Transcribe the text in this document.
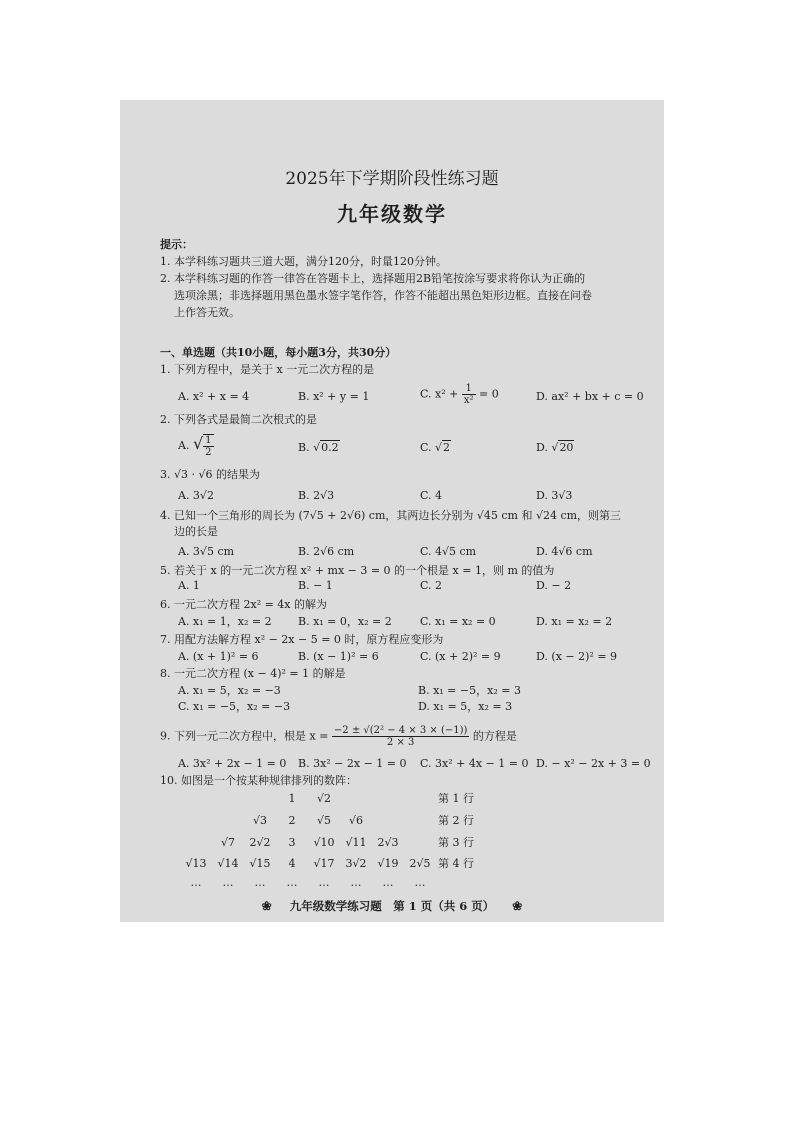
2025年下学期阶段性练习题
九年级数学
提示：
1. 本学科练习题共三道大题，满分120分，时量120分钟。
2. 本学科练习题的作答一律答在答题卡上，选择题用2B铅笔按涂写要求将你认为正确的
选项涂黑；非选择题用黑色墨水签字笔作答，作答不能超出黑色矩形边框。直接在问卷
上作答无效。
一、单选题（共10小题，每小题3分，共30分）
1. 下列方程中，是关于 x 一元二次方程的是
A. x² + x = 4	B. x² + y = 1	C. $x^2 + \frac{1}{\text{x²}} = 0$	D. ax² + bx + c = 0
2. 下列各式是最简二次根式的是
A. √ $\frac{1}{2}$	B. √0.2	C. √2	D. √20
3. √3 · √6 的结果为
A. 3√2	B. 2√3	C. 4	D. 3√3
4. 已知一个三角形的周长为 (7√5 + 2√6) cm，其两边长分别为 √45 cm 和 √24 cm，则第三
边的长是
A. 3√5 cm	B. 2√6 cm	C. 4√5 cm	D. 4√6 cm
5. 若关于 x 的一元二次方程 x² + mx − 3 = 0 的一个根是 x = 1，则 m 的值为
A. 1	B. − 1	C. 2	D. − 2
6. 一元二次方程 2x² = 4x 的解为
A. x₁ = 1，x₂ = 2 B. x₁ = 0，x₂ = 2	C. x₁ = x₂ = 0	D. x₁ = x₂ = 2
7. 用配方法解方程 x² − 2x − 5 = 0 时，原方程应变形为
A. (x + 1)² = 6	B. (x − 1)² = 6	C. (x + 2)² = 9	D. (x − 2)² = 9
8. 一元二次方程 (x − 4)² = 1 的解是
A. x₁ = 5，x₂ = −3	B. x₁ = −5，x₂ = 3
C. x₁ = −5，x₂ = −3	D. x₁ = 5，x₂ = 3
9. 下列一元二次方程中，根是 $x = \frac{\text{−2 ± √(2² − 4 × 3 × (−1))}}{2 \times 3}$ 的方程是
A. 3x² + 2x − 1 = 0 B. 3x² − 2x − 1 = 0 C. 3x² + 4x − 1 = 0 D. − x² − 2x + 3 = 0
10. 如图是一个按某种规律排列的数阵：
1	√2	第 1 行
√3	2	√5	√6	第 2 行
√7	2√2	3	√10 √11 2√3	第 3 行
√13 √14 √15	4	√17 3√2 √19 2√5 第 4 行
…	…	…	…	…	…	…	…
❀ 九年级数学练习题　第 1 页（共 6 页） ❀
